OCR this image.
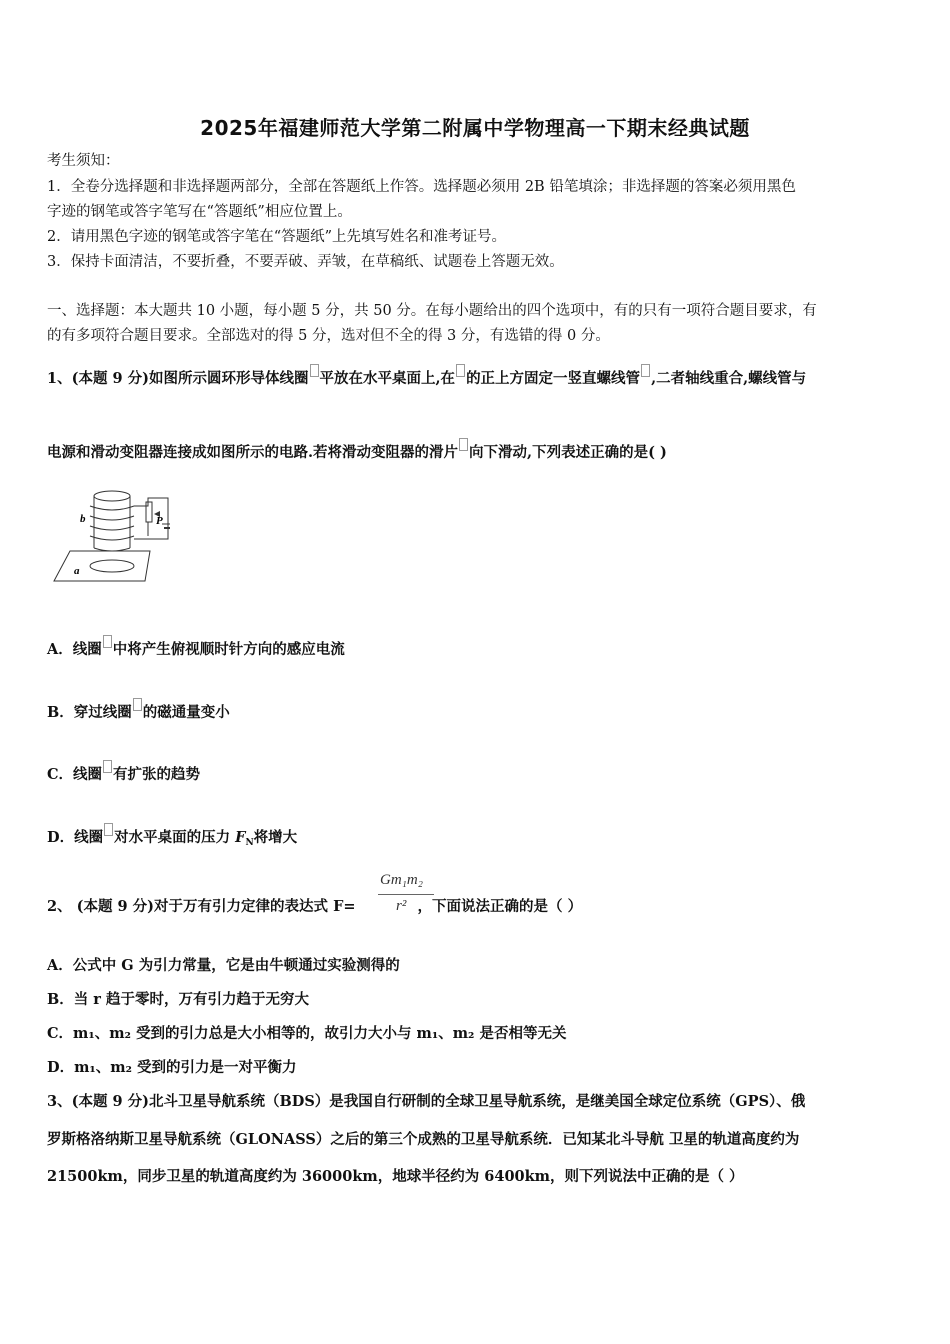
2025年福建师范大学第二附属中学物理高一下期末经典试题
考生须知：
1．全卷分选择题和非选择题两部分，全部在答题纸上作答。选择题必须用 2B 铅笔填涂；非选择题的答案必须用黑色
字迹的钢笔或答字笔写在“答题纸”相应位置上。
2．请用黑色字迹的钢笔或答字笔在“答题纸”上先填写姓名和准考证号。
3．保持卡面清洁，不要折叠，不要弄破、弄皱，在草稿纸、试题卷上答题无效。
一、选择题：本大题共 10 小题，每小题 5 分，共 50 分。在每小题给出的四个选项中，有的只有一项符合题目要求，有
的有多项符合题目要求。全部选对的得 5 分，选对但不全的得 3 分，有选错的得 0 分。
1、(本题 9 分)如图所示圆环形导体线圈 平放在水平桌面上,在 的正上方固定一竖直螺线管 ,二者轴线重合,螺线管与
电源和滑动变阻器连接成如图所示的电路.若将滑动变阻器的滑片 向下滑动,下列表述正确的是( )
b
a
P
A．线圈 中将产生俯视顺时针方向的感应电流
B．穿过线圈 的磁通量变小
C．线圈 有扩张的趋势
D．线圈 对水平桌面的压力 $F_N$将增大
2、 (本题 9 分)对于万有引力定律的表达式 F=	，下面说法正确的是（ ）
Gm₁m₂
r²
A．公式中 G 为引力常量，它是由牛顿通过实验测得的
B．当 r 趋于零时，万有引力趋于无穷大
C．m₁、m₂ 受到的引力总是大小相等的，故引力大小与 m₁、m₂ 是否相等无关
D．m₁、m₂ 受到的引力是一对平衡力
3、(本题 9 分)北斗卫星导航系统（BDS）是我国自行研制的全球卫星导航系统，是继美国全球定位系统（GPS）、俄
罗斯格洛纳斯卫星导航系统（GLONASS）之后的第三个成熟的卫星导航系统．已知某北斗导航 卫星的轨道高度约为
21500km，同步卫星的轨道高度约为 36000km，地球半径约为 6400km，则下列说法中正确的是（ ）
